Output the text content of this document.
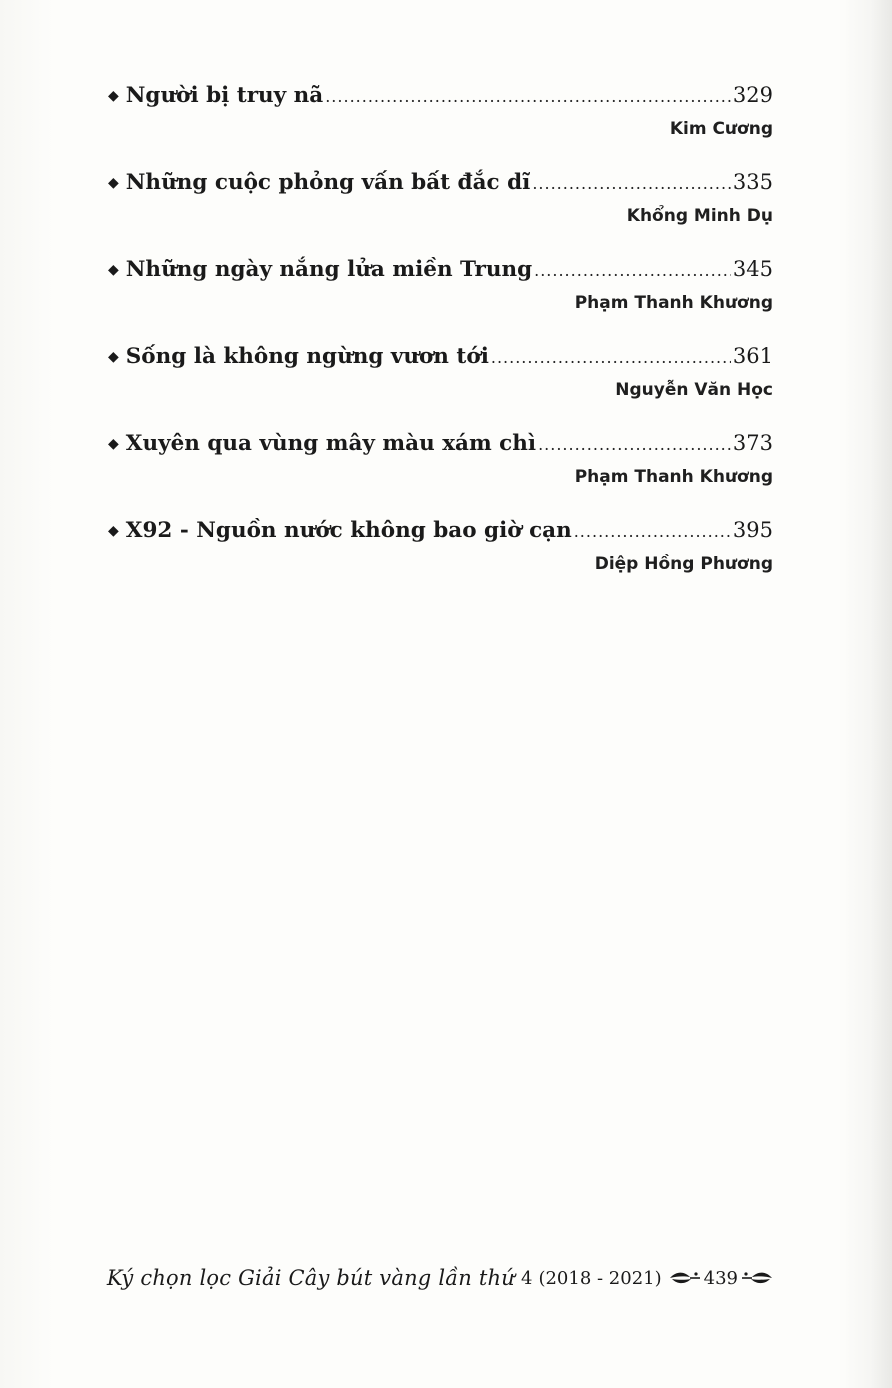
◆ Người bị truy nã .....	329
Kim Cương
◆ Những cuộc phỏng vấn bất đắc dĩ .....	335
Khổng Minh Dụ
◆ Những ngày nắng lửa miền Trung .....	345
Phạm Thanh Khương
◆ Sống là không ngừng vươn tới .....	361
Nguyễn Văn Học
◆ Xuyên qua vùng mây màu xám chì .....	373
Phạm Thanh Khương
◆ X92 - Nguồn nước không bao giờ cạn .....	395
Diệp Hồng Phương
Ký chọn lọc Giải Cây bút vàng lần thứ 4 (2018 - 2021) 439
